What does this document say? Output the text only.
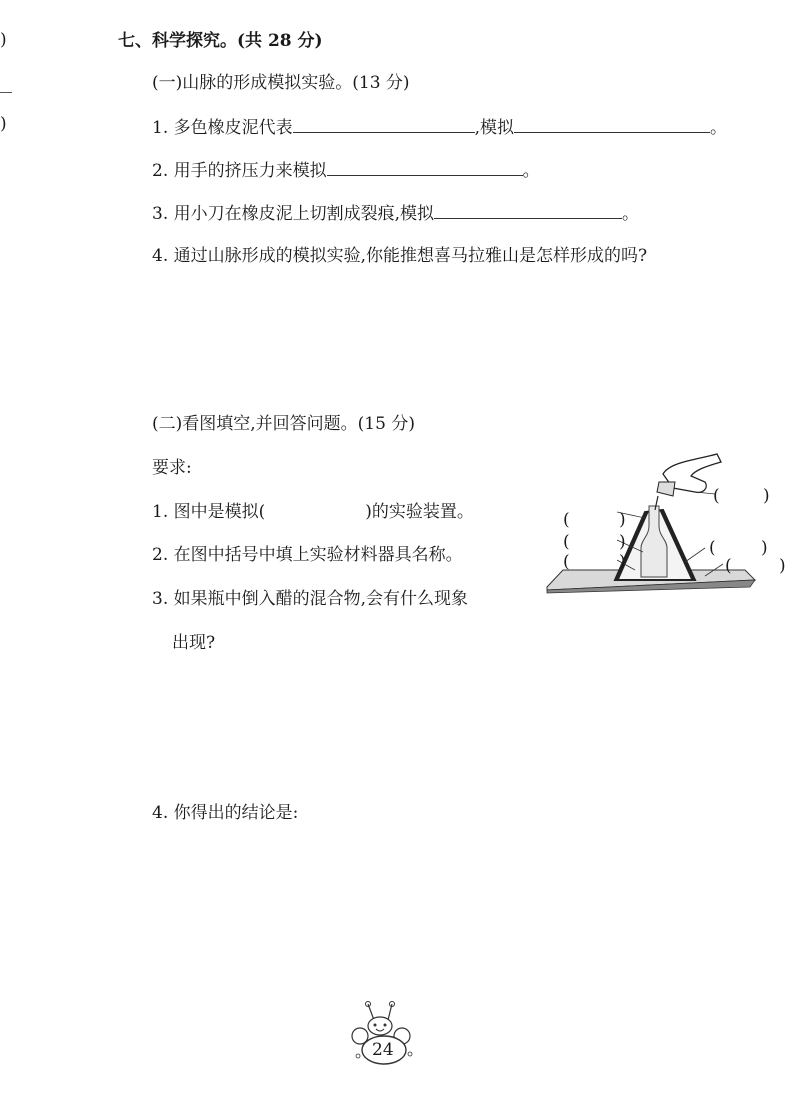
)
)
七、科学探究。(共 28 分)
(一)山脉的形成模拟实验。(13 分)
1. 多色橡皮泥代表	,模拟	。
2. 用手的挤压力来模拟	。
3. 用小刀在橡皮泥上切割成裂痕,模拟	。
4. 通过山脉形成的模拟实验,你能推想喜马拉雅山是怎样形成的吗?
(二)看图填空,并回答问题。(15 分)
要求:
1. 图中是模拟(	)的实验装置。
2. 在图中括号中填上实验材料器具名称。
3. 如果瓶中倒入醋的混合物,会有什么现象
出现?
4. 你得出的结论是:
(	)
(	)
(	)
(	)
(	)
(	)
24
